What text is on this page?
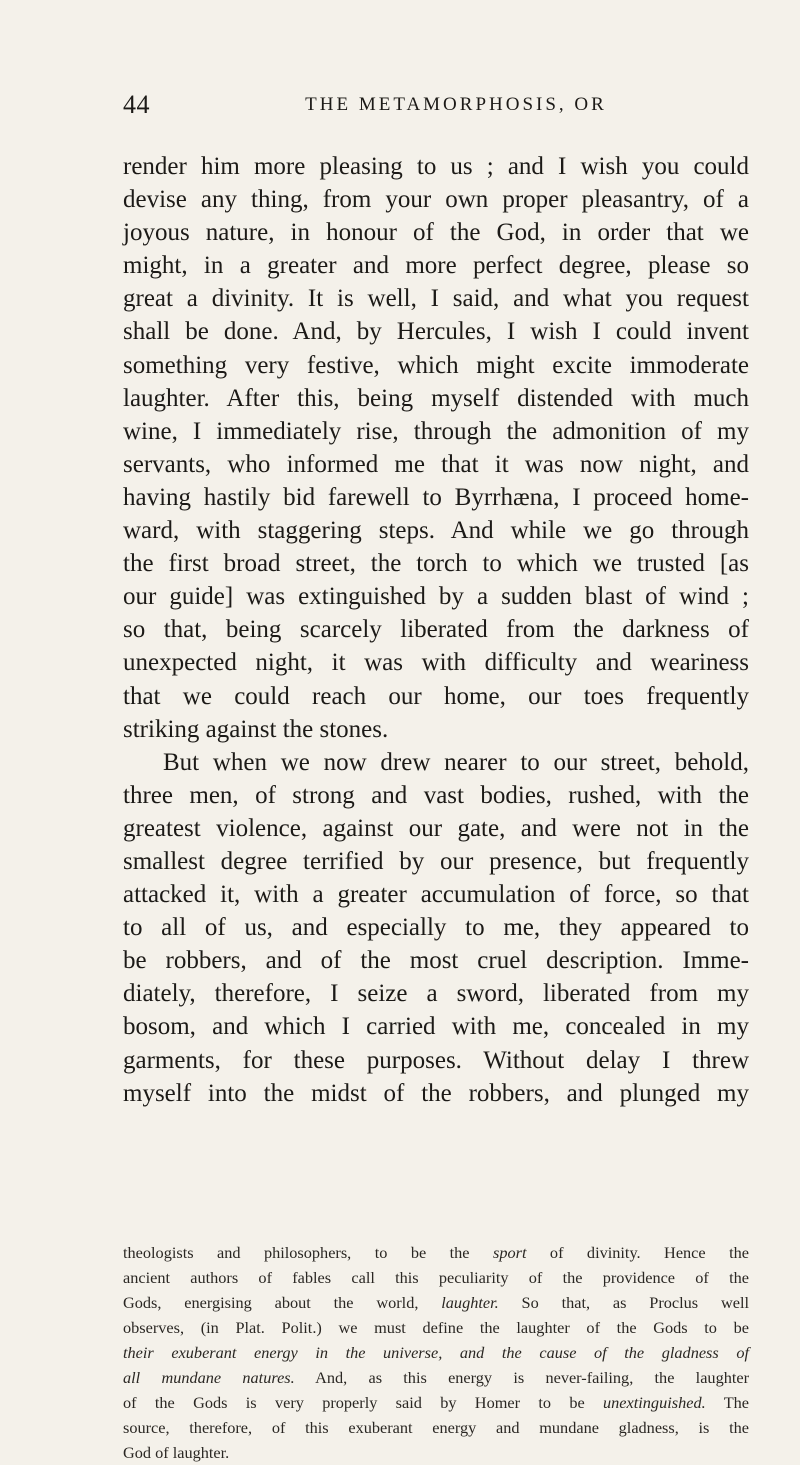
44	THE METAMORPHOSIS, OR
render him more pleasing to us ; and I wish you could
devise any thing, from your own proper pleasantry, of a
joyous nature, in honour of the God, in order that we
might, in a greater and more perfect degree, please so
great a divinity. It is well, I said, and what you request
shall be done. And, by Hercules, I wish I could invent
something very festive, which might excite immoderate
laughter. After this, being myself distended with much
wine, I immediately rise, through the admonition of my
servants, who informed me that it was now night, and
having hastily bid farewell to Byrrhæna, I proceed home-
ward, with staggering steps. And while we go through
the first broad street, the torch to which we trusted [as
our guide] was extinguished by a sudden blast of wind ;
so that, being scarcely liberated from the darkness of
unexpected night, it was with difficulty and weariness
that we could reach our home, our toes frequently
striking against the stones.
But when we now drew nearer to our street, behold,
three men, of strong and vast bodies, rushed, with the
greatest violence, against our gate, and were not in the
smallest degree terrified by our presence, but frequently
attacked it, with a greater accumulation of force, so that
to all of us, and especially to me, they appeared to
be robbers, and of the most cruel description. Imme-
diately, therefore, I seize a sword, liberated from my
bosom, and which I carried with me, concealed in my
garments, for these purposes. Without delay I threw
myself into the midst of the robbers, and plunged my
theologists and philosophers, to be the sport of divinity. Hence the
ancient authors of fables call this peculiarity of the providence of the
Gods, energising about the world, laughter. So that, as Proclus well
observes, (in Plat. Polit.) we must define the laughter of the Gods to be
their exuberant energy in the universe, and the cause of the gladness of
all mundane natures. And, as this energy is never-failing, the laughter
of the Gods is very properly said by Homer to be unextinguished. The
source, therefore, of this exuberant energy and mundane gladness, is the
God of laughter.
